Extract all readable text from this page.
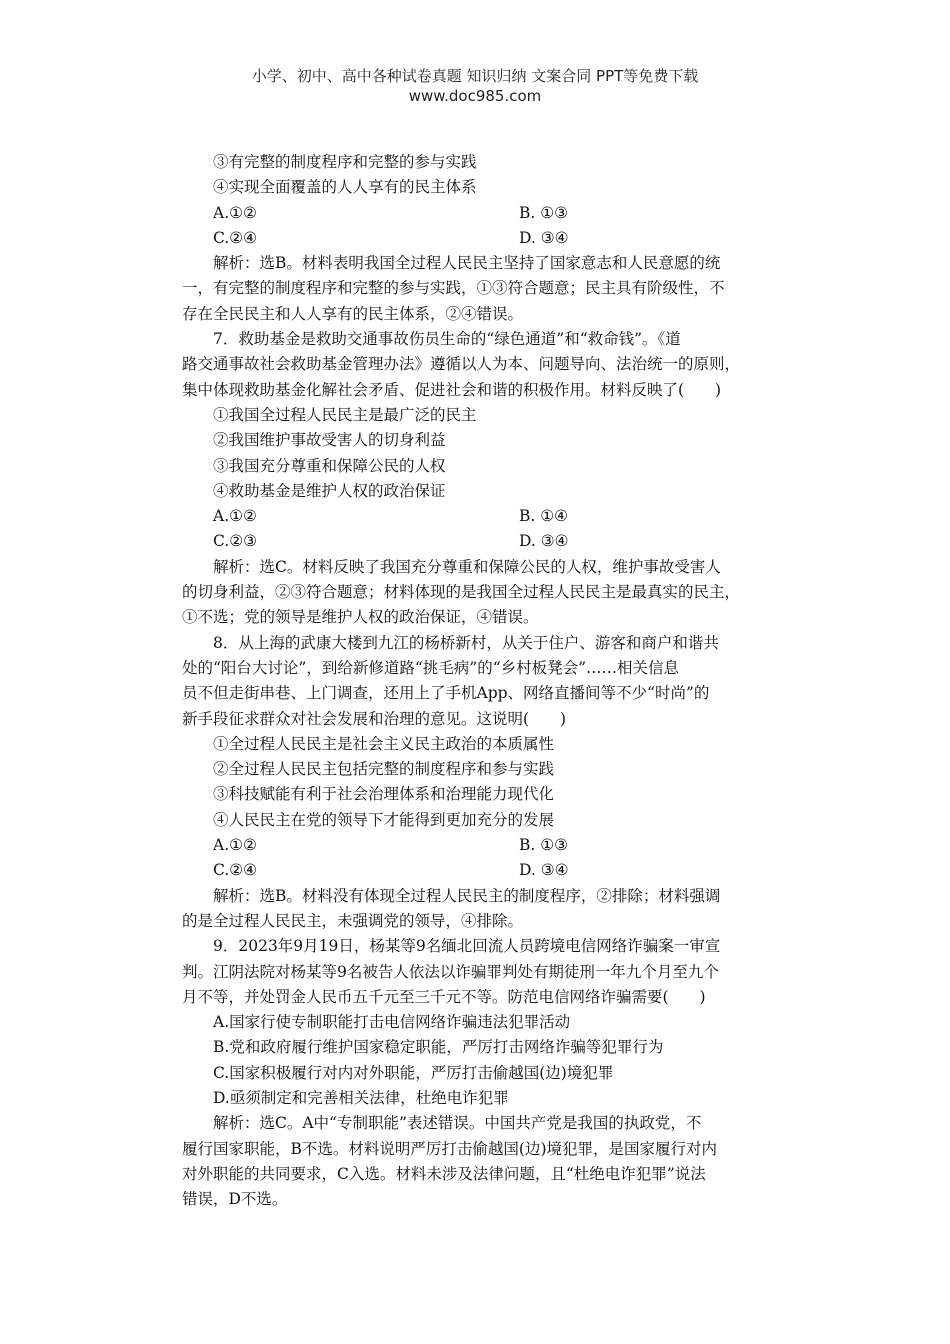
小学、初中、高中各种试卷真题 知识归纳 文案合同 PPT等免费下载
www.doc985.com

③有完整的制度程序和完整的参与实践

④实现全面覆盖的人人享有的民主体系

A.①②	B. ①③
C.②④	D. ③④

解析：选B。材料表明我国全过程人民民主坚持了国家意志和人民意愿的统

一，有完整的制度程序和完整的参与实践，①③符合题意；民主具有阶级性，不

存在全民民主和人人享有的民主体系，②④错误。

7．救助基金是救助交通事故伤员生命的“绿色通道”和“救命钱”。《道

路交通事故社会救助基金管理办法》遵循以人为本、问题导向、法治统一的原则，

集中体现救助基金化解社会矛盾、促进社会和谐的积极作用。材料反映了(　　)

①我国全过程人民民主是最广泛的民主

②我国维护事故受害人的切身利益

③我国充分尊重和保障公民的人权

④救助基金是维护人权的政治保证

A.①②	B. ①④
C.②③	D. ③④

解析：选C。材料反映了我国充分尊重和保障公民的人权，维护事故受害人

的切身利益，②③符合题意；材料体现的是我国全过程人民民主是最真实的民主，

①不选；党的领导是维护人权的政治保证，④错误。

8．从上海的武康大楼到九江的杨桥新村，从关于住户、游客和商户和谐共

处的“阳台大讨论”，到给新修道路“挑毛病”的“乡村板凳会”……相关信息

员不但走街串巷、上门调查，还用上了手机App、网络直播间等不少“时尚”的

新手段征求群众对社会发展和治理的意见。这说明(　　)

①全过程人民民主是社会主义民主政治的本质属性

②全过程人民民主包括完整的制度程序和参与实践

③科技赋能有利于社会治理体系和治理能力现代化

④人民民主在党的领导下才能得到更加充分的发展

A.①②	B. ①③
C.②④	D. ③④

解析：选B。材料没有体现全过程人民民主的制度程序，②排除；材料强调

的是全过程人民民主，未强调党的领导，④排除。

9．2023年9月19日，杨某等9名缅北回流人员跨境电信网络诈骗案一审宣

判。江阴法院对杨某等9名被告人依法以诈骗罪判处有期徒刑一年九个月至九个

月不等，并处罚金人民币五千元至三千元不等。防范电信网络诈骗需要(　　)

A.国家行使专制职能打击电信网络诈骗违法犯罪活动

B.党和政府履行维护国家稳定职能，严厉打击网络诈骗等犯罪行为

C.国家积极履行对内对外职能，严厉打击偷越国(边)境犯罪

D.亟须制定和完善相关法律，杜绝电诈犯罪

解析：选C。A中“专制职能”表述错误。中国共产党是我国的执政党，不

履行国家职能，B不选。材料说明严厉打击偷越国(边)境犯罪，是国家履行对内

对外职能的共同要求，C入选。材料未涉及法律问题，且“杜绝电诈犯罪”说法

错误，D不选。
